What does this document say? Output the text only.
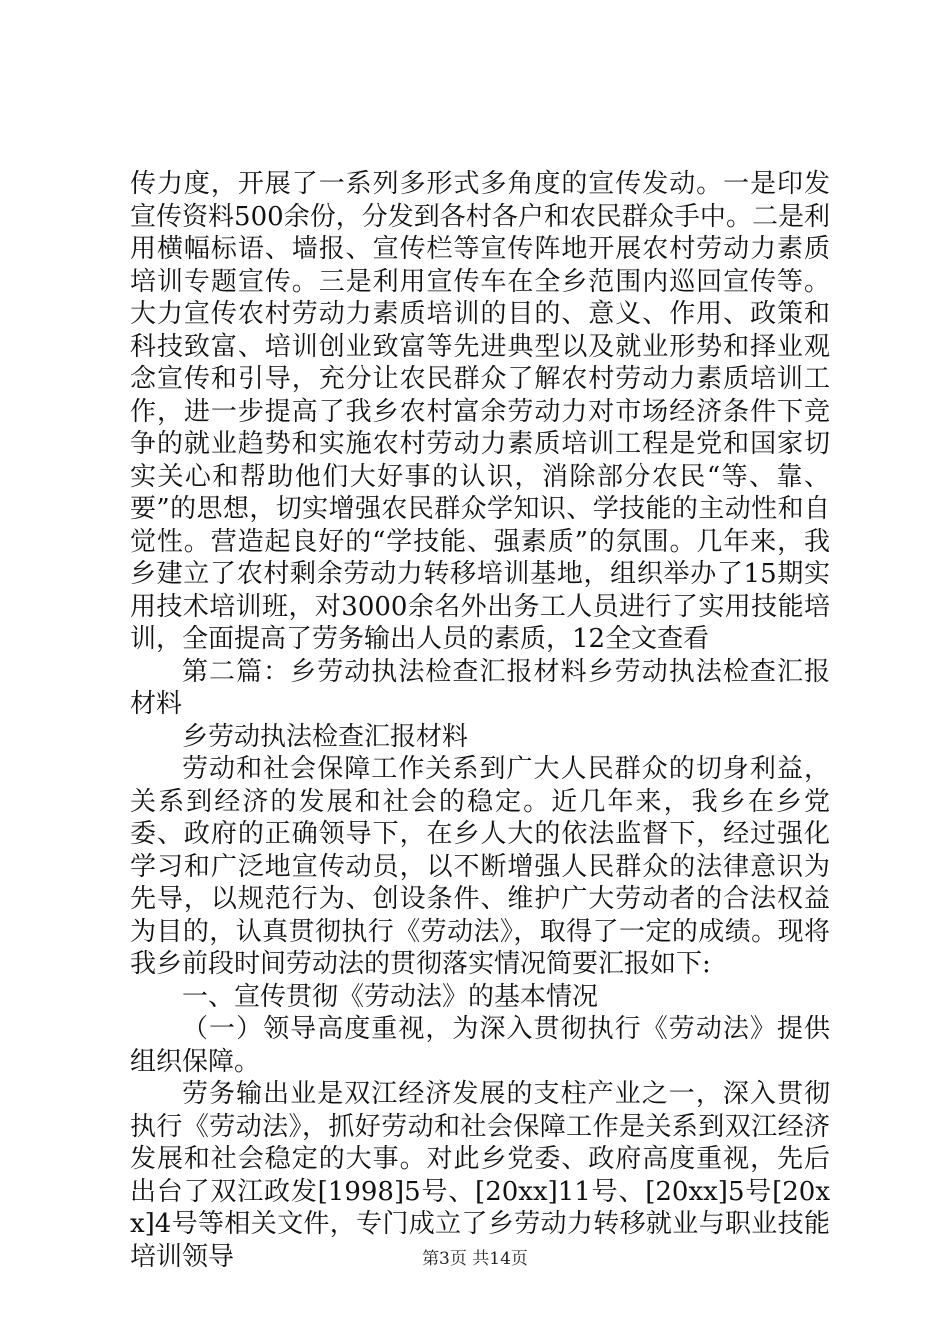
传力度，开展了一系列多形式多角度的宣传发动。一是印发宣传资料500余份，分发到各村各户和农民群众手中。二是利用横幅标语、墙报、宣传栏等宣传阵地开展农村劳动力素质培训专题宣传。三是利用宣传车在全乡范围内巡回宣传等。大力宣传农村劳动力素质培训的目的、意义、作用、政策和科技致富、培训创业致富等先进典型以及就业形势和择业观念宣传和引导，充分让农民群众了解农村劳动力素质培训工作，进一步提高了我乡农村富余劳动力对市场经济条件下竞争的就业趋势和实施农村劳动力素质培训工程是党和国家切实关心和帮助他们大好事的认识，消除部分农民“等、靠、要”的思想，切实增强农民群众学知识、学技能的主动性和自觉性。营造起良好的“学技能、强素质”的氛围。几年来，我乡建立了农村剩余劳动力转移培训基地，组织举办了15期实用技术培训班，对3000余名外出务工人员进行了实用技能培训，全面提高了劳务输出人员的素质，12全文查看

第二篇：乡劳动执法检查汇报材料乡劳动执法检查汇报材料

乡劳动执法检查汇报材料

劳动和社会保障工作关系到广大人民群众的切身利益，关系到经济的发展和社会的稳定。近几年来，我乡在乡党委、政府的正确领导下，在乡人大的依法监督下，经过强化学习和广泛地宣传动员，以不断增强人民群众的法律意识为先导，以规范行为、创设条件、维护广大劳动者的合法权益为目的，认真贯彻执行《劳动法》，取得了一定的成绩。现将我乡前段时间劳动法的贯彻落实情况简要汇报如下:

一、宣传贯彻《劳动法》的基本情况

（一）领导高度重视，为深入贯彻执行《劳动法》提供组织保障。

劳务输出业是双江经济发展的支柱产业之一，深入贯彻执行《劳动法》，抓好劳动和社会保障工作是关系到双江经济发展和社会稳定的大事。对此乡党委、政府高度重视，先后出台了双江政发[1998]5号、[20xx]11号、[20xx]5号[20xx]4号等相关文件，专门成立了乡劳动力转移就业与职业技能培训领导	第3页 共14页
